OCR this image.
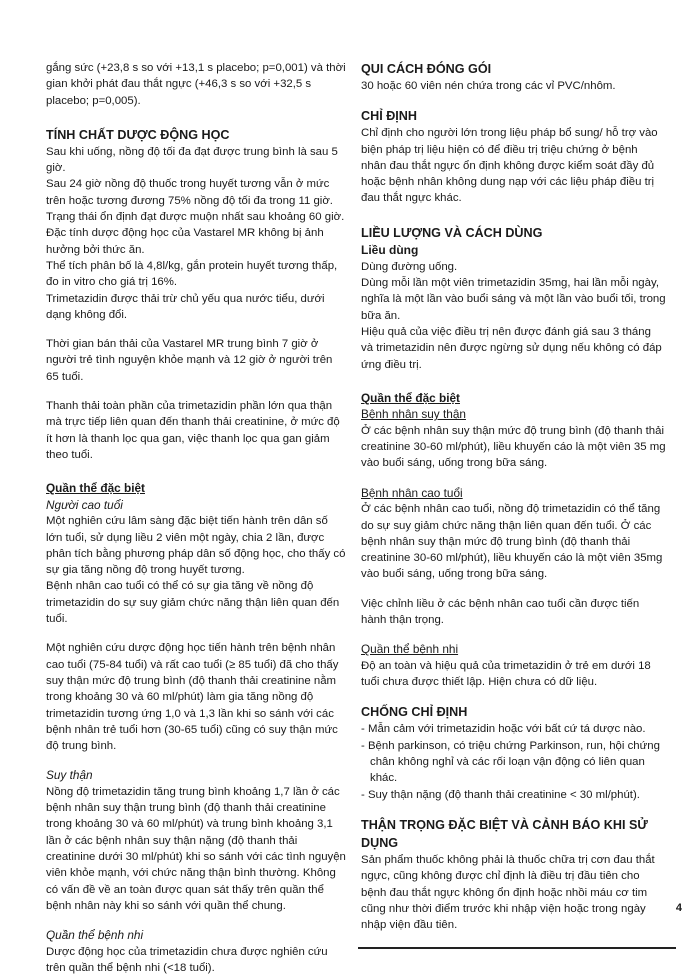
gắng sức (+23,8 s so với +13,1 s placebo; p=0,001) và thời gian khởi phát đau thắt ngực (+46,3 s so với +32,5 s placebo; p=0,005).

TÍNH CHẤT DƯỢC ĐỘNG HỌC

Sau khi uống, nồng độ tối đa đạt được trung bình là sau 5 giờ.

Sau 24 giờ nồng độ thuốc trong huyết tương vẫn ở mức trên hoặc tương đương 75% nồng độ tối đa trong 11 giờ.

Trạng thái ổn định đạt được muộn nhất sau khoảng 60 giờ.

Đặc tính dược động học của Vastarel MR không bị ảnh hưởng bởi thức ăn.

Thể tích phân bố là 4,8l/kg, gắn protein huyết tương thấp, đo in vitro cho giá trị 16%.

Trimetazidin được thải trừ chủ yếu qua nước tiểu, dưới dạng không đổi.

Thời gian bán thải của Vastarel MR trung bình 7 giờ ở người trẻ tình nguyện khỏe mạnh và 12 giờ ở người trên 65 tuổi.

Thanh thải toàn phần của trimetazidin phần lớn qua thận mà trực tiếp liên quan đến thanh thải creatinine, ở mức độ ít hơn là thanh lọc qua gan, việc thanh lọc qua gan giảm theo tuổi.

Quần thể đặc biệt

Người cao tuổi

Một nghiên cứu lâm sàng đặc biệt tiến hành trên dân số lớn tuổi, sử dụng liều 2 viên một ngày, chia 2 lần, được phân tích bằng phương pháp dân số động học, cho thấy có sự gia tăng nồng độ trong huyết tương.

Bệnh nhân cao tuổi có thể có sự gia tăng về nồng độ trimetazidin do sự suy giảm chức năng thận liên quan đến tuổi.

Một nghiên cứu dược động học tiến hành trên bệnh nhân cao tuổi (75-84 tuổi) và rất cao tuổi (≥ 85 tuổi) đã cho thấy suy thận mức độ trung bình (độ thanh thải creatinine nằm trong khoảng 30 và 60 ml/phút) làm gia tăng nồng độ trimetazidin tương ứng 1,0 và 1,3 lần khi so sánh với các bệnh nhân trẻ tuổi hơn (30-65 tuổi) cũng có suy thận mức độ trung bình.

Suy thận

Nồng độ trimetazidin tăng trung bình khoảng 1,7 lần ở các bệnh nhân suy thận trung bình (độ thanh thải creatinine trong khoảng 30 và 60 ml/phút) và trung bình khoảng 3,1 lần ở các bệnh nhân suy thận nặng (độ thanh thải creatinine dưới 30 ml/phút) khi so sánh với các tình nguyện viên khỏe mạnh, với chức năng thận bình thường. Không có vấn đề về an toàn được quan sát thấy trên quần thể bệnh nhân này khi so sánh với quần thể chung.

Quần thể bệnh nhi

Dược động học của trimetazidin chưa được nghiên cứu trên quần thể bệnh nhi (<18 tuổi).

QUI CÁCH ĐÓNG GÓI

30 hoặc 60 viên nén chứa trong các vỉ PVC/nhôm.

CHỈ ĐỊNH

Chỉ định cho người lớn trong liệu pháp bổ sung/ hỗ trợ vào biện pháp trị liệu hiện có để điều trị triệu chứng ở bệnh nhân đau thắt ngực ổn định không được kiểm soát đầy đủ hoặc bệnh nhân không dung nạp với các liệu pháp điều trị đau thắt ngực khác.

LIỀU LƯỢNG VÀ CÁCH DÙNG

Liều dùng

Dùng đường uống.

Dùng mỗi lần một viên trimetazidin 35mg, hai lần mỗi ngày, nghĩa là một lần vào buổi sáng và một lần vào buổi tối, trong bữa ăn.

Hiệu quả của việc điều trị nên được đánh giá sau 3 tháng và trimetazidin nên được ngừng sử dụng nếu không có đáp ứng điều trị.

Quần thể đặc biệt

Bệnh nhân suy thận

Ở các bệnh nhân suy thận mức độ trung bình (độ thanh thải creatinine 30-60 ml/phút), liều khuyến cáo là một viên 35 mg vào buổi sáng, uống trong bữa sáng.

Bệnh nhân cao tuổi

Ở các bệnh nhân cao tuổi, nồng độ trimetazidin có thể tăng do sự suy giảm chức năng thận liên quan đến tuổi. Ở các bệnh nhân suy thận mức độ trung bình (độ thanh thải creatinine 30-60 ml/phút), liều khuyến cáo là một viên 35mg vào buổi sáng, uống trong bữa sáng.

Việc chỉnh liều ở các bệnh nhân cao tuổi cần được tiến hành thận trọng.

Quần thể bệnh nhi

Độ an toàn và hiệu quả của trimetazidin ở trẻ em dưới 18 tuổi chưa được thiết lập. Hiện chưa có dữ liệu.

CHỐNG CHỈ ĐỊNH

- Mẫn cảm với trimetazidin hoặc với bất cứ tá dược nào.

- Bệnh parkinson, có triệu chứng Parkinson, run, hội chứng chân không nghỉ và các rối loạn vận động có liên quan khác.

- Suy thận nặng (độ thanh thải creatinine < 30 ml/phút).

THẬN TRỌNG ĐẶC BIỆT VÀ CẢNH BÁO KHI SỬ DỤNG

Sản phẩm thuốc không phải là thuốc chữa trị cơn đau thắt ngực, cũng không được chỉ định là điều trị đầu tiên cho bệnh đau thắt ngực không ổn định hoặc nhồi máu cơ tim cũng như thời điểm trước khi nhập viện hoặc trong ngày nhập viện đầu tiên.

4
